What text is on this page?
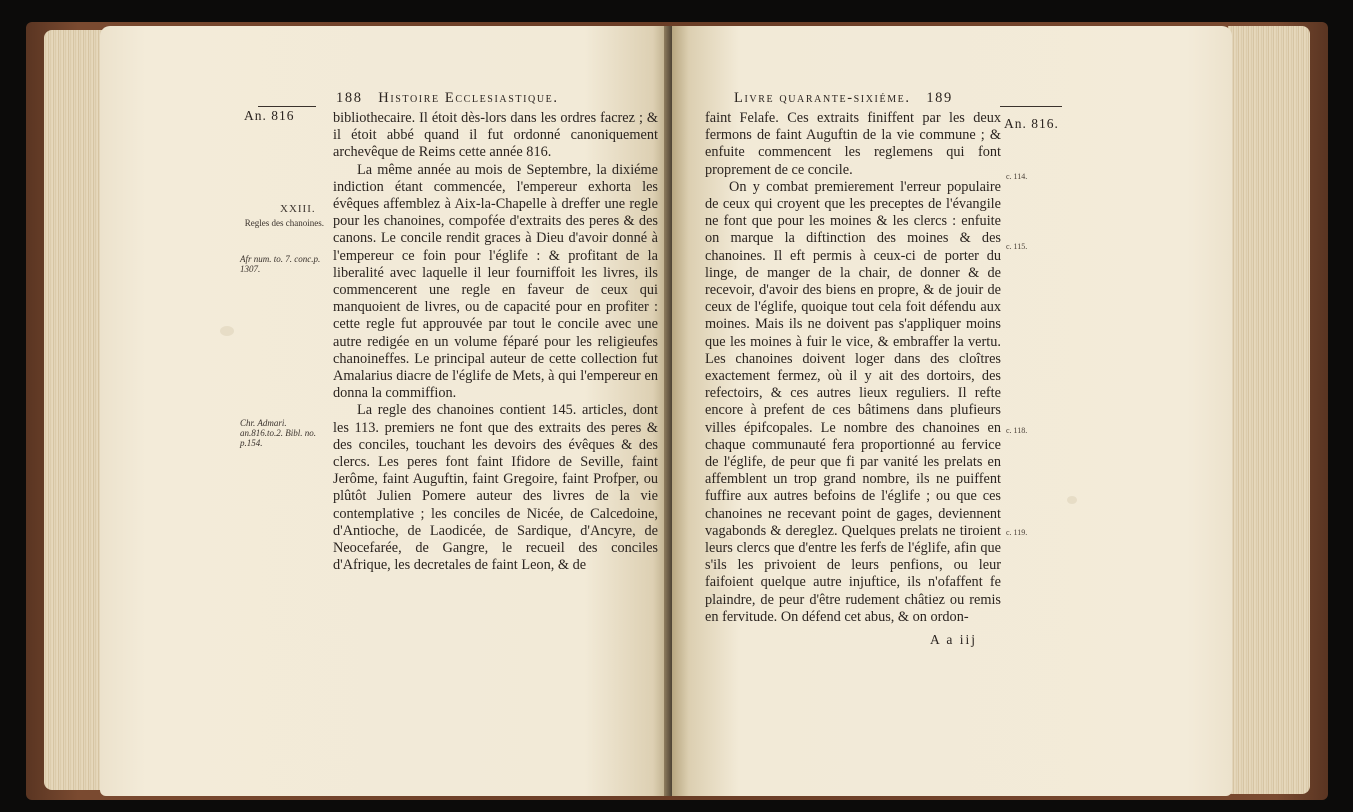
An. 816
188 Histoire Ecclesiastique.
XXIII.
Regles des chanoines.
Afr num. to. 7. conc.p. 1307.
Chr. Admari. an.816.to.2. Bibl. no. p.154.

bibliothecaire. Il étoit dès-lors dans les ordres facrez ; & il étoit abbé quand il fut ordonné canoniquement archevêque de Reims cette année 816.

La même année au mois de Septembre, la dixiéme indiction étant commencée, l'empereur exhorta les évêques affemblez à Aix-la-Chapelle à dreffer une regle pour les chanoines, compofée d'extraits des peres & des canons. Le concile rendit graces à Dieu d'avoir donné à l'empereur ce foin pour l'églife : & profitant de la liberalité avec laquelle il leur fourniffoit les livres, ils commencerent une regle en faveur de ceux qui manquoient de livres, ou de capacité pour en profiter : cette regle fut approuvée par tout le concile avec une autre redigée en un volume féparé pour les religieufes chanoineffes. Le principal auteur de cette collection fut Amalarius diacre de l'églife de Mets, à qui l'empereur en donna la commiffion.

La regle des chanoines contient 145. articles, dont les 113. premiers ne font que des extraits des peres & des conciles, touchant les devoirs des évêques & des clercs. Les peres font faint Ifidore de Seville, faint Jerôme, faint Auguftin, faint Gregoire, faint Profper, ou plûtôt Julien Pomere auteur des livres de la vie contemplative ; les conciles de Nicée, de Calcedoine, d'Antioche, de Laodicée, de Sardique, d'Ancyre, de Neocefarée, de Gangre, le recueil des conciles d'Afrique, les decretales de faint Leon, & de

Livre quarante-sixiéme. 189
An. 816.
c. 114.
c. 115.
c. 118.
c. 119.

faint Felafe. Ces extraits finiffent par les deux fermons de faint Auguftin de la vie commune ; & enfuite commencent les reglemens qui font proprement de ce concile.

On y combat premierement l'erreur populaire de ceux qui croyent que les preceptes de l'évangile ne font que pour les moines & les clercs : enfuite on marque la diftinction des moines & des chanoines. Il eft permis à ceux-ci de porter du linge, de manger de la chair, de donner & de recevoir, d'avoir des biens en propre, & de jouir de ceux de l'églife, quoique tout cela foit défendu aux moines. Mais ils ne doivent pas s'appliquer moins que les moines à fuir le vice, & embraffer la vertu. Les chanoines doivent loger dans des cloîtres exactement fermez, où il y ait des dortoirs, des refectoirs, & ces autres lieux reguliers. Il refte encore à prefent de ces bâtimens dans plufieurs villes épifcopales. Le nombre des chanoines en chaque communauté fera proportionné au fervice de l'églife, de peur que fi par vanité les prelats en affemblent un trop grand nombre, ils ne puiffent fuffire aux autres befoins de l'églife ; ou que ces chanoines ne recevant point de gages, deviennent vagabonds & dereglez. Quelques prelats ne tiroient leurs clercs que d'entre les ferfs de l'églife, afin que s'ils les privoient de leurs penfions, ou leur faifoient quelque autre injuftice, ils n'ofaffent fe plaindre, de peur d'être rudement châtiez ou remis en fervitude. On défend cet abus, & on ordon-

A a iij
